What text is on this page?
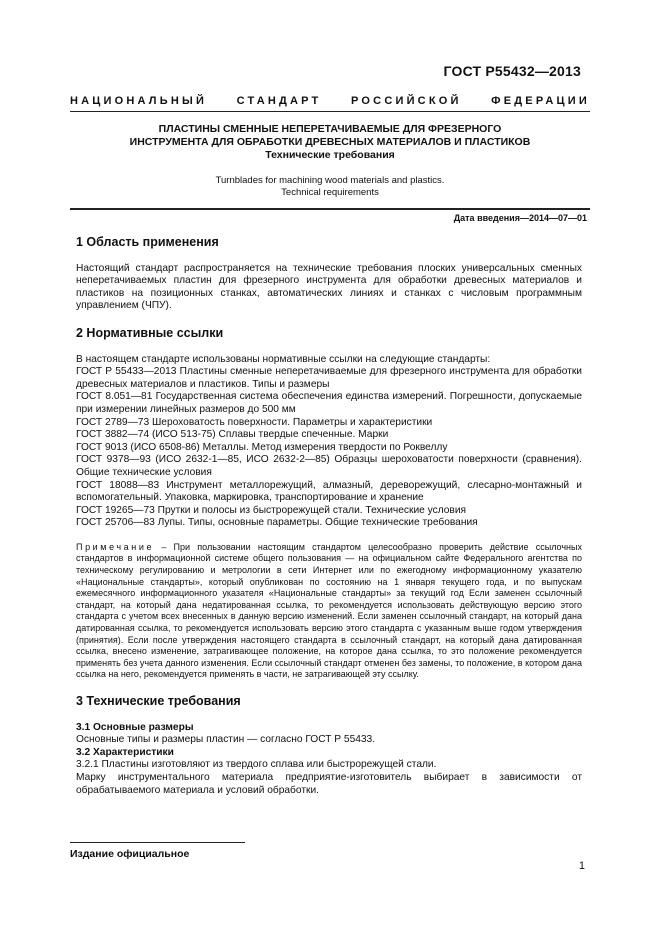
ГОСТ Р55432—2013
НАЦИОНАЛЬНЫЙ СТАНДАРТ РОССИЙСКОЙ ФЕДЕРАЦИИ
ПЛАСТИНЫ СМЕННЫЕ НЕПЕРЕТАЧИВАЕМЫЕ ДЛЯ ФРЕЗЕРНОГО
ИНСТРУМЕНТА ДЛЯ ОБРАБОТКИ ДРЕВЕСНЫХ МАТЕРИАЛОВ И ПЛАСТИКОВ
Технические требования
Turnblades for machining wood materials and plastics.
Technical requirements
Дата введения—2014—07—01
1 Область применения

Настоящий стандарт распространяется на технические требования плоских универсальных сменных неперетачиваемых пластин для фрезерного инструмента для обработки древесных материалов и пластиков на позиционных станках, автоматических линиях и станках с числовым программным управлением (ЧПУ).

2 Нормативные ссылки

В настоящем стандарте использованы нормативные ссылки на следующие стандарты:

ГОСТ Р 55433—2013 Пластины сменные неперетачиваемые для фрезерного инструмента для обработки древесных материалов и пластиков. Типы и размеры

ГОСТ 8.051—81 Государственная система обеспечения единства измерений. Погрешности, допускаемые при измерении линейных размеров до 500 мм

ГОСТ 2789—73 Шероховатость поверхности. Параметры и характеристики

ГОСТ 3882—74 (ИСО 513-75) Сплавы твердые спеченные. Марки

ГОСТ 9013 (ИСО 6508-86) Металлы. Метод измерения твердости по Роквеллу

ГОСТ 9378—93 (ИСО 2632-1—85, ИСО 2632-2—85) Образцы шероховатости поверхности (сравнения). Общие технические условия

ГОСТ 18088—83 Инструмент металлорежущий, алмазный, дереворежущий, слесарно-монтажный и вспомогательный. Упаковка, маркировка, транспортирование и хранение

ГОСТ 19265—73 Прутки и полосы из быстрорежущей стали. Технические условия

ГОСТ 25706—83 Лупы. Типы, основные параметры. Общие технические требования

Примечание – При пользовании настоящим стандартом целесообразно проверить действие ссылочных стандартов в информационной системе общего пользования — на официальном сайте Федерального агентства по техническому регулированию и метрологии в сети Интернет или по ежегодному информационному указателю «Национальные стандарты», который опубликован по состоянию на 1 января текущего года, и по выпускам ежемесячного информационного указателя «Национальные стандарты» за текущий год Если заменен ссылочный стандарт, на который дана недатированная ссылка, то рекомендуется использовать действующую версию этого стандарта с учетом всех внесенных в данную версию изменений. Если заменен ссылочный стандарт, на который дана датированная ссылка, то рекомендуется использовать версию этого стандарта с указанным выше годом утверждения (принятия). Если после утверждения настоящего стандарта в ссылочный стандарт, на который дана датированная ссылка, внесено изменение, затрагивающее положение, на которое дана ссылка, то это положение рекомендуется применять без учета данного изменения. Если ссылочный стандарт отменен без замены, то положение, в котором дана ссылка на него, рекомендуется применять в части, не затрагивающей эту ссылку.

3 Технические требования

3.1 Основные размеры

Основные типы и размеры пластин — согласно ГОСТ Р 55433.

3.2 Характеристики

3.2.1 Пластины изготовляют из твердого сплава или быстрорежущей стали.

Марку инструментального материала предприятие-изготовитель выбирает в зависимости от обрабатываемого материала и условий обработки.

Издание официальное
1
